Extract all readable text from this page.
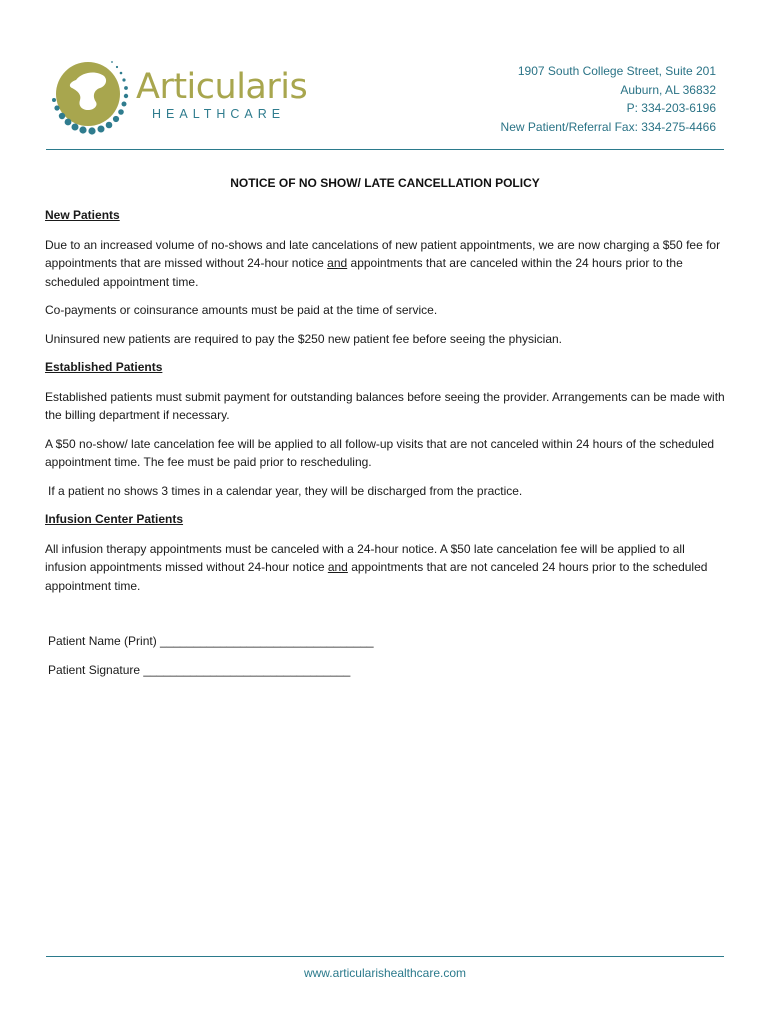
Articularis
HEALTHCARE
1907 South College Street, Suite 201
Auburn, AL 36832
P: 334-203-6196
New Patient/Referral Fax: 334-275-4466
NOTICE OF NO SHOW/ LATE CANCELLATION POLICY
New Patients
Due to an increased volume of no-shows and late cancelations of new patient appointments, we are now charging a $50 fee for appointments that are missed without 24-hour notice and appointments that are canceled within the 24 hours prior to the scheduled appointment time.
Co-payments or coinsurance amounts must be paid at the time of service.
Uninsured new patients are required to pay the $250 new patient fee before seeing the physician.
Established Patients
Established patients must submit payment for outstanding balances before seeing the provider. Arrangements can be made with the billing department if necessary.
A $50 no-show/ late cancelation fee will be applied to all follow-up visits that are not canceled within 24 hours of the scheduled appointment time. The fee must be paid prior to rescheduling.
If a patient no shows 3 times in a calendar year, they will be discharged from the practice.
Infusion Center Patients
All infusion therapy appointments must be canceled with a 24-hour notice. A $50 late cancelation fee will be applied to all infusion appointments missed without 24-hour notice and appointments that are not canceled 24 hours prior to the scheduled appointment time.
Patient Name (Print) ________________________________
Patient Signature _______________________________
www.articularishealthcare.com
